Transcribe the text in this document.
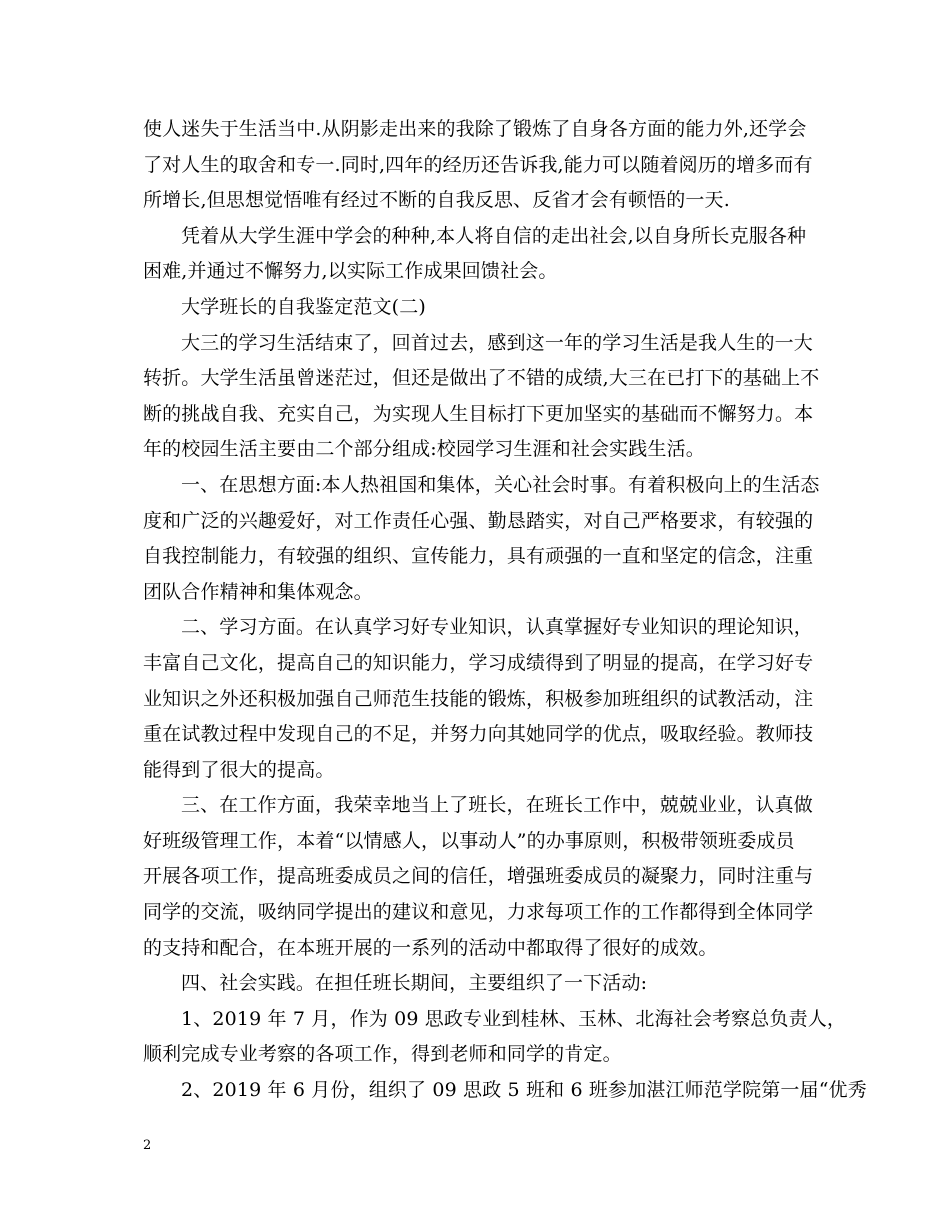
使人迷失于生活当中.从阴影走出来的我除了锻炼了自身各方面的能力外,还学会
了对人生的取舍和专一.同时,四年的经历还告诉我,能力可以随着阅历的增多而有
所增长,但思想觉悟唯有经过不断的自我反思、反省才会有顿悟的一天.

凭着从大学生涯中学会的种种,本人将自信的走出社会,以自身所长克服各种
困难,并通过不懈努力,以实际工作成果回馈社会。

大学班长的自我鉴定范文(二)

大三的学习生活结束了，回首过去，感到这一年的学习生活是我人生的一大
转折。大学生活虽曾迷茫过，但还是做出了不错的成绩,大三在已打下的基础上不
断的挑战自我、充实自己，为实现人生目标打下更加坚实的基础而不懈努力。本
年的校园生活主要由二个部分组成:校园学习生涯和社会实践生活。

一、在思想方面:本人热祖国和集体，关心社会时事。有着积极向上的生活态
度和广泛的兴趣爱好，对工作责任心强、勤恳踏实，对自己严格要求，有较强的
自我控制能力，有较强的组织、宣传能力，具有顽强的一直和坚定的信念，注重
团队合作精神和集体观念。

二、学习方面。在认真学习好专业知识，认真掌握好专业知识的理论知识，
丰富自己文化，提高自己的知识能力，学习成绩得到了明显的提高，在学习好专
业知识之外还积极加强自己师范生技能的锻炼，积极参加班组织的试教活动，注
重在试教过程中发现自己的不足，并努力向其她同学的优点，吸取经验。教师技
能得到了很大的提高。

三、在工作方面，我荣幸地当上了班长，在班长工作中，兢兢业业，认真做
好班级管理工作，本着“以情感人，以事动人”的办事原则，积极带领班委成员
开展各项工作，提高班委成员之间的信任，增强班委成员的凝聚力，同时注重与
同学的交流，吸纳同学提出的建议和意见，力求每项工作的工作都得到全体同学
的支持和配合，在本班开展的一系列的活动中都取得了很好的成效。

四、社会实践。在担任班长期间，主要组织了一下活动:

1、2019 年 7 月，作为 09 思政专业到桂林、玉林、北海社会考察总负责人，
顺利完成专业考察的各项工作，得到老师和同学的肯定。

2、2019 年 6 月份，组织了 09 思政 5 班和 6 班参加湛江师范学院第一届“优秀

2
